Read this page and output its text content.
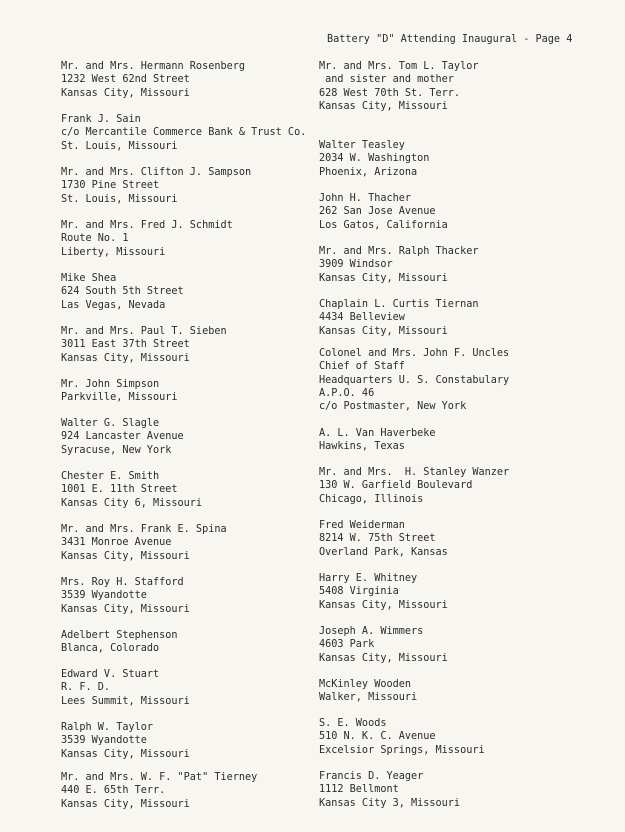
Battery "D" Attending Inaugural - Page 4
Mr. and Mrs. Hermann Rosenberg
1232 West 62nd Street
Kansas City, Missouri
Frank J. Sain
c/o Mercantile Commerce Bank & Trust Co.
St. Louis, Missouri
Mr. and Mrs. Clifton J. Sampson
1730 Pine Street
St. Louis, Missouri
Mr. and Mrs. Fred J. Schmidt
Route No. 1
Liberty, Missouri
Mike Shea
624 South 5th Street
Las Vegas, Nevada
Mr. and Mrs. Paul T. Sieben
3011 East 37th Street
Kansas City, Missouri
Mr. John Simpson
Parkville, Missouri
Walter G. Slagle
924 Lancaster Avenue
Syracuse, New York
Chester E. Smith
1001 E. 11th Street
Kansas City 6, Missouri
Mr. and Mrs. Frank E. Spina
3431 Monroe Avenue
Kansas City, Missouri
Mrs. Roy H. Stafford
3539 Wyandotte
Kansas City, Missouri
Adelbert Stephenson
Blanca, Colorado
Edward V. Stuart
R. F. D.
Lees Summit, Missouri
Ralph W. Taylor
3539 Wyandotte
Kansas City, Missouri
Mr. and Mrs. W. F. "Pat" Tierney
440 E. 65th Terr.
Kansas City, Missouri
Mr. and Mrs. Tom L. Taylor
and sister and mother
628 West 70th St. Terr.
Kansas City, Missouri
Walter Teasley
2034 W. Washington
Phoenix, Arizona
John H. Thacher
262 San Jose Avenue
Los Gatos, California
Mr. and Mrs. Ralph Thacker
3909 Windsor
Kansas City, Missouri
Chaplain L. Curtis Tiernan
4434 Belleview
Kansas City, Missouri
Colonel and Mrs. John F. Uncles
Chief of Staff
Headquarters U. S. Constabulary
A.P.O. 46
c/o Postmaster, New York
A. L. Van Haverbeke
Hawkins, Texas
Mr. and Mrs.  H. Stanley Wanzer
130 W. Garfield Boulevard
Chicago, Illinois
Fred Weiderman
8214 W. 75th Street
Overland Park, Kansas
Harry E. Whitney
5408 Virginia
Kansas City, Missouri
Joseph A. Wimmers
4603 Park
Kansas City, Missouri
McKinley Wooden
Walker, Missouri
S. E. Woods
510 N. K. C. Avenue
Excelsior Springs, Missouri
Francis D. Yeager
1112 Bellmont
Kansas City 3, Missouri
